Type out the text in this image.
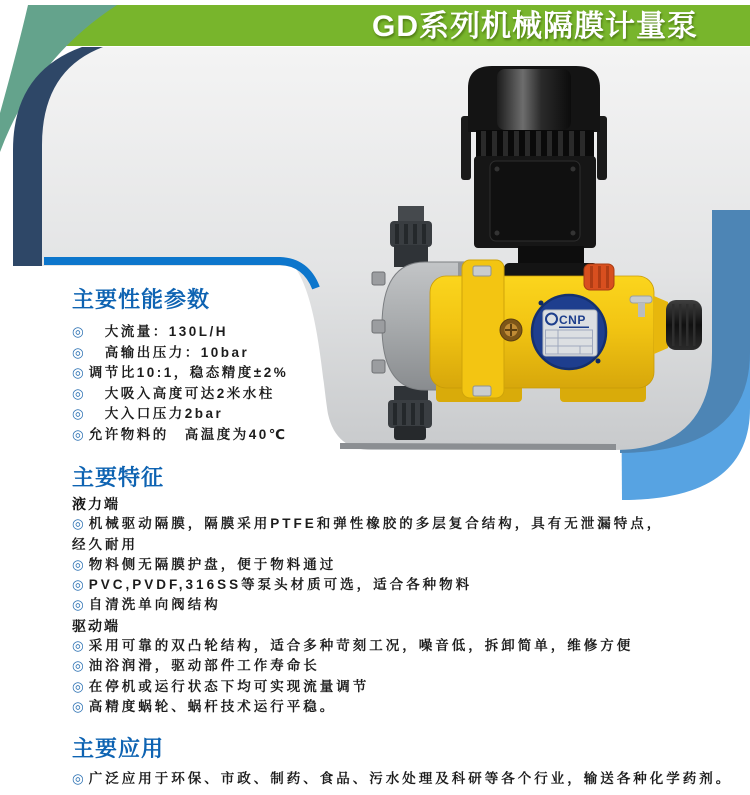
CNP
GD系列机械隔膜计量泵
主要性能参数
◎　大流量：130L/H
◎　高输出压力：10bar
◎ 调节比10:1，稳态精度±2%
◎　大吸入高度可达2米水柱
◎　大入口压力2bar
◎ 允许物料的　高温度为40℃
主要特征
液力端
◎ 机械驱动隔膜，隔膜采用PTFE和弹性橡胶的多层复合结构，具有无泄漏特点，经久耐用
◎ 物料侧无隔膜护盘，便于物料通过
◎ PVC,PVDF,316SS等泵头材质可选，适合各种物料
◎ 自清洗单向阀结构
驱动端
◎ 采用可靠的双凸轮结构，适合多种苛刻工况，噪音低，拆卸简单，维修方便
◎ 油浴润滑，驱动部件工作寿命长
◎ 在停机或运行状态下均可实现流量调节
◎ 高精度蜗轮、蜗杆技术运行平稳。
主要应用
◎ 广泛应用于环保、市政、制药、食品、污水处理及科研等各个行业，输送各种化学药剂。
